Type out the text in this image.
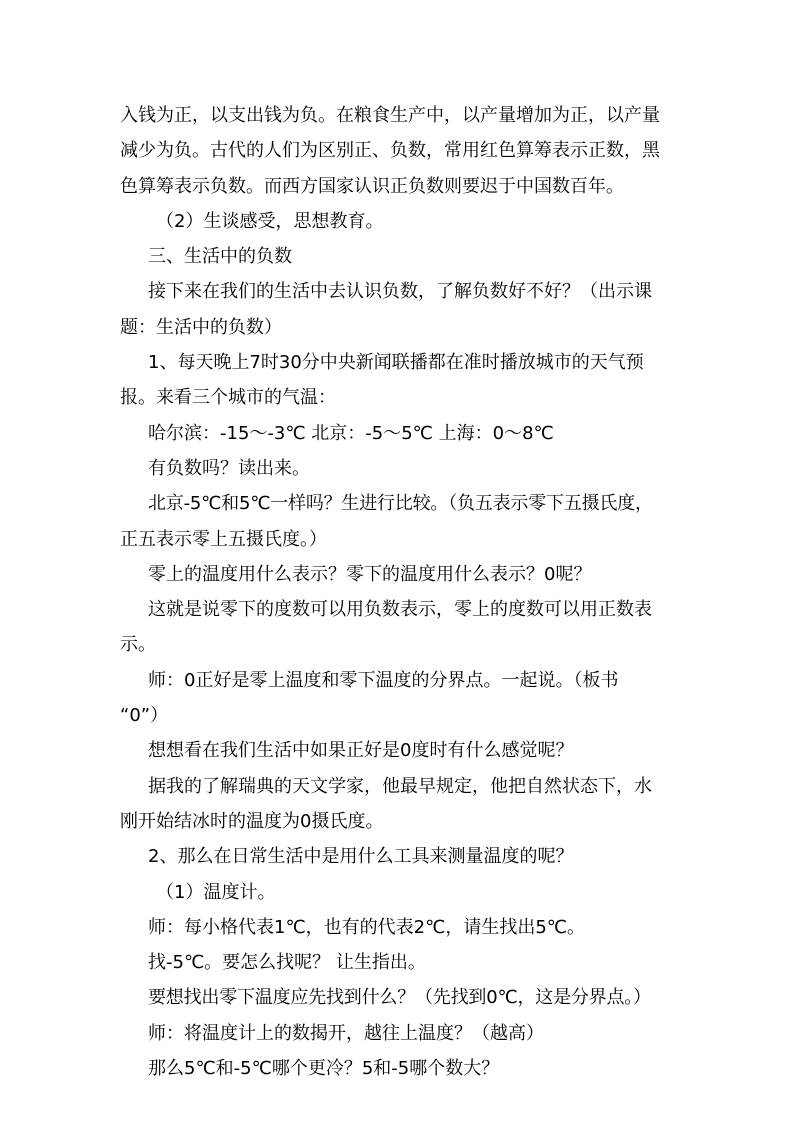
入钱为正，以支出钱为负。在粮食生产中，以产量增加为正，以产量
减少为负。古代的人们为区别正、负数，常用红色算筹表示正数，黑
色算筹表示负数。而西方国家认识正负数则要迟于中国数百年。
（2）生谈感受，思想教育。
三、生活中的负数
接下来在我们的生活中去认识负数，了解负数好不好？（出示课
题：生活中的负数）
1、每天晚上7时30分中央新闻联播都在准时播放城市的天气预
报。来看三个城市的气温：
哈尔滨：-15～-3℃ 北京：-5～5℃ 上海：0～8℃
有负数吗？读出来。
北京-5℃和5℃一样吗？生进行比较。（负五表示零下五摄氏度，
正五表示零上五摄氏度。）
零上的温度用什么表示？零下的温度用什么表示？0呢？
这就是说零下的度数可以用负数表示，零上的度数可以用正数表
示。
师：0正好是零上温度和零下温度的分界点。一起说。（板书
“0”）
想想看在我们生活中如果正好是0度时有什么感觉呢？
据我的了解瑞典的天文学家，他最早规定，他把自然状态下，水
刚开始结冰时的温度为0摄氏度。
2、那么在日常生活中是用什么工具来测量温度的呢？
（1）温度计。
师：每小格代表1℃，也有的代表2℃，请生找出5℃。
找-5℃。要怎么找呢？ 让生指出。
要想找出零下温度应先找到什么？（先找到0℃，这是分界点。）
师：将温度计上的数揭开，越往上温度？（越高）
那么5℃和-5℃哪个更冷？5和-5哪个数大？
